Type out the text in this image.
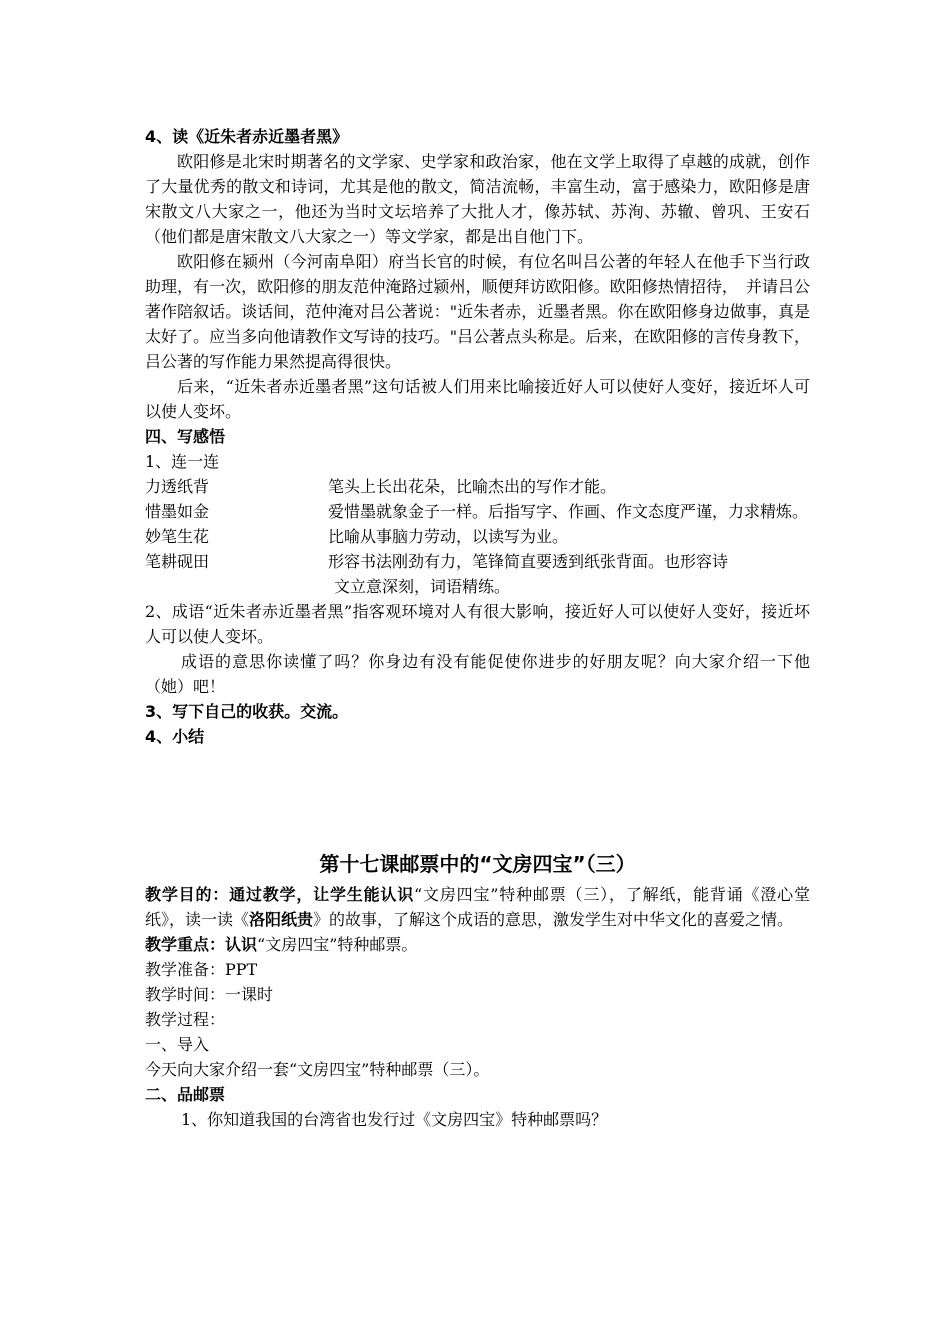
4、读《近朱者赤近墨者黑》

欧阳修是北宋时期著名的文学家、史学家和政治家，他在文学上取得了卓越的成就，创作了大量优秀的散文和诗词，尤其是他的散文，简洁流畅，丰富生动，富于感染力，欧阳修是唐宋散文八大家之一，他还为当时文坛培养了大批人才，像苏轼、苏洵、苏辙、曾巩、王安石（他们都是唐宋散文八大家之一）等文学家，都是出自他门下。

欧阳修在颍州（今河南阜阳）府当长官的时候，有位名叫吕公著的年轻人在他手下当行政助理，有一次，欧阳修的朋友范仲淹路过颍州，顺便拜访欧阳修。欧阳修热情招待，　并请吕公著作陪叙话。谈话间，范仲淹对吕公著说："近朱者赤，近墨者黑。你在欧阳修身边做事，真是太好了。应当多向他请教作文写诗的技巧。"吕公著点头称是。后来，在欧阳修的言传身教下，吕公著的写作能力果然提高得很快。

后来，“近朱者赤近墨者黑”这句话被人们用来比喻接近好人可以使好人变好，接近坏人可以使人变坏。

四、写感悟

1、连一连

力透纸背	笔头上长出花朵，比喻杰出的写作才能。
惜墨如金	爱惜墨就象金子一样。后指写字、作画、作文态度严谨，力求精炼。
妙笔生花	比喻从事脑力劳动，以读写为业。
笔耕砚田	形容书法刚劲有力，笔锋简直要透到纸张背面。也形容诗
文立意深刻，词语精练。

2、成语“近朱者赤近墨者黑”指客观环境对人有很大影响，接近好人可以使好人变好，接近坏人可以使人变坏。

成语的意思你读懂了吗？你身边有没有能促使你进步的好朋友呢？向大家介绍一下他（她）吧！

3、写下自己的收获。交流。

4、小结

第十七课邮票中的“文房四宝”（三）

教学目的：通过教学，让学生能认识“文房四宝”特种邮票（三），了解纸，能背诵《澄心堂纸》，读一读《洛阳纸贵》的故事，了解这个成语的意思，激发学生对中华文化的喜爱之情。

教学重点：认识“文房四宝”特种邮票。

教学准备：PPT

教学时间：一课时

教学过程：

一、导入

今天向大家介绍一套“文房四宝”特种邮票（三）。

二、品邮票

1、你知道我国的台湾省也发行过《文房四宝》特种邮票吗？
